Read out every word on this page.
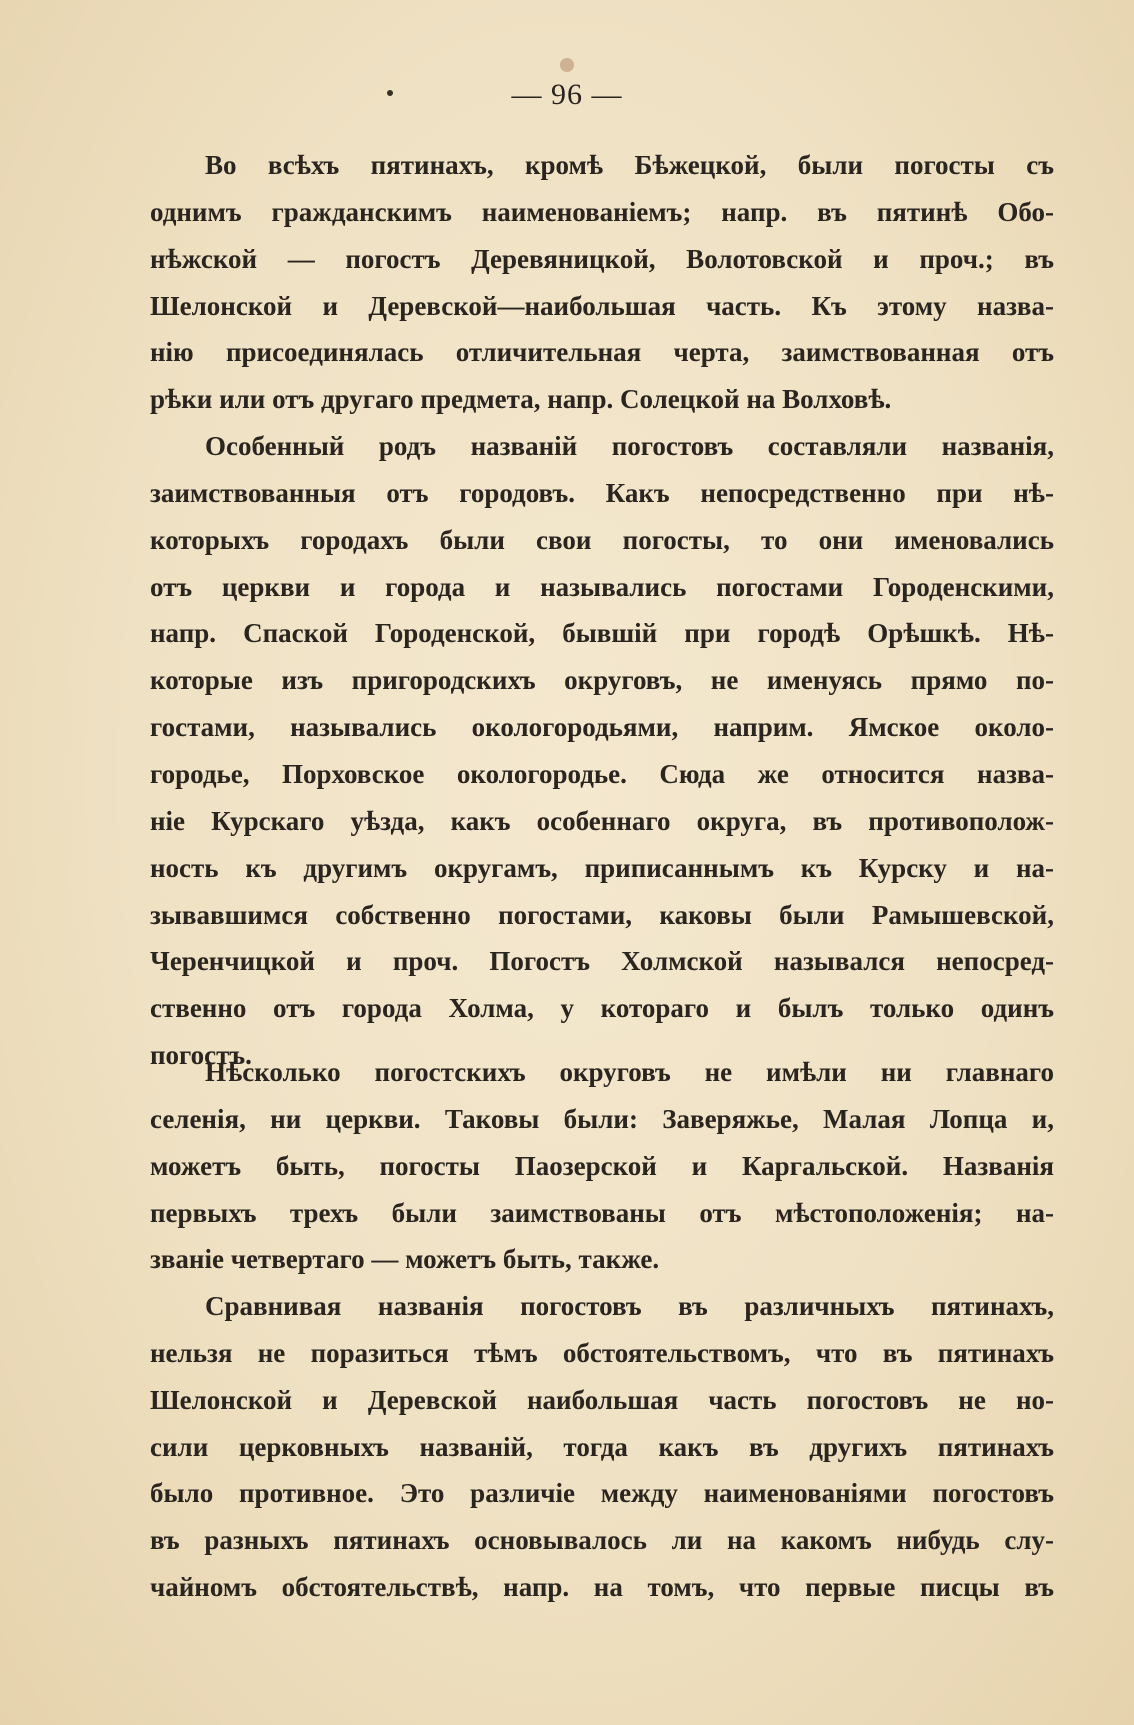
— 96 —
Во всѣхъ пятинахъ, кромѣ Бѣжецкой, были погосты съ
однимъ гражданскимъ наименованіемъ; напр. въ пятинѣ Обо-
нѣжской — погостъ Деревяницкой, Волотовской и проч.; въ
Шелонской и Деревской—наибольшая часть. Къ этому назва-
нію присоединялась отличительная черта, заимствованная отъ
рѣки или отъ другаго предмета, напр. Солецкой на Волховѣ.
Особенный родъ названій погостовъ составляли названія,
заимствованныя отъ городовъ. Какъ непосредственно при нѣ-
которыхъ городахъ были свои погосты, то они именовались
отъ церкви и города и назывались погостами Городенскими,
напр. Спаской Городенской, бывшій при городѣ Орѣшкѣ. Нѣ-
которые изъ пригородскихъ округовъ, не именуясь прямо по-
гостами, назывались окологородьями, наприм. Ямское около-
городье, Порховское окологородье. Сюда же относится назва-
ніе Курскаго уѣзда, какъ особеннаго округа, въ противополож-
ность къ другимъ округамъ, приписаннымъ къ Курску и на-
зывавшимся собственно погостами, каковы были Рамышевской,
Черенчицкой и проч. Погостъ Холмской назывался непосред-
ственно отъ города Холма, у котораго и былъ только одинъ
погостъ.
Нѣсколько погостскихъ округовъ не имѣли ни главнаго
селенія, ни церкви. Таковы были: Заверяжье, Малая Лопца и,
можетъ быть, погосты Паозерской и Каргальской. Названія
первыхъ трехъ были заимствованы отъ мѣстоположенія; на-
званіе четвертаго — можетъ быть, также.
Сравнивая названія погостовъ въ различныхъ пятинахъ,
нельзя не поразиться тѣмъ обстоятельствомъ, что въ пятинахъ
Шелонской и Деревской наибольшая часть погостовъ не но-
сили церковныхъ названій, тогда какъ въ другихъ пятинахъ
было противное. Это различіе между наименованіями погостовъ
въ разныхъ пятинахъ основывалось ли на какомъ нибудь слу-
чайномъ обстоятельствѣ, напр. на томъ, что первые писцы въ
